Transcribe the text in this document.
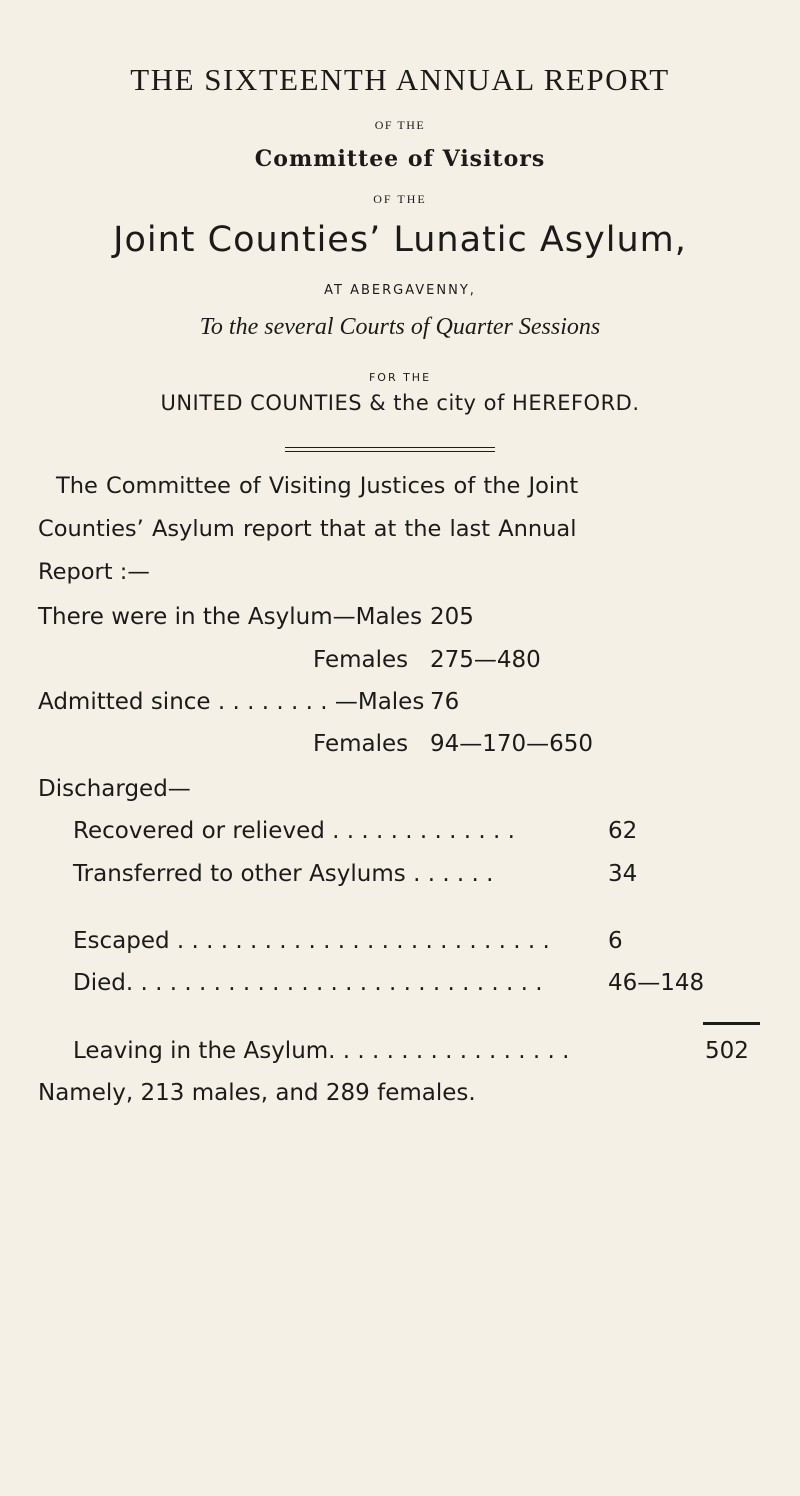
THE SIXTEENTH ANNUAL REPORT
OF THE
Committee of Visitors
OF THE
Joint Counties’ Lunatic Asylum,
AT ABERGAVENNY,
To the several Courts of Quarter Sessions
FOR THE
UNITED COUNTIES & the city of HEREFORD.
The Committee of Visiting Justices of the Joint
Counties’ Asylum report that at the last Annual
Report :—
There were in the Asylum—Males 205
Females 275—480
Admitted since . . . . . . . . —Males 76
Females 94—170—650
Discharged—
Recovered or relieved . . . . . . . . . . . . .	62
Transferred to other Asylums . . . . . .	34
Escaped . . . . . . . . . . . . . . . . . . . . . . . . . .	6
Died. . . . . . . . . . . . . . . . . . . . . . . . . . . . .	46—148
Leaving in the Asylum. . . . . . . . . . . . . . . . .	502
Namely, 213 males, and 289 females.
